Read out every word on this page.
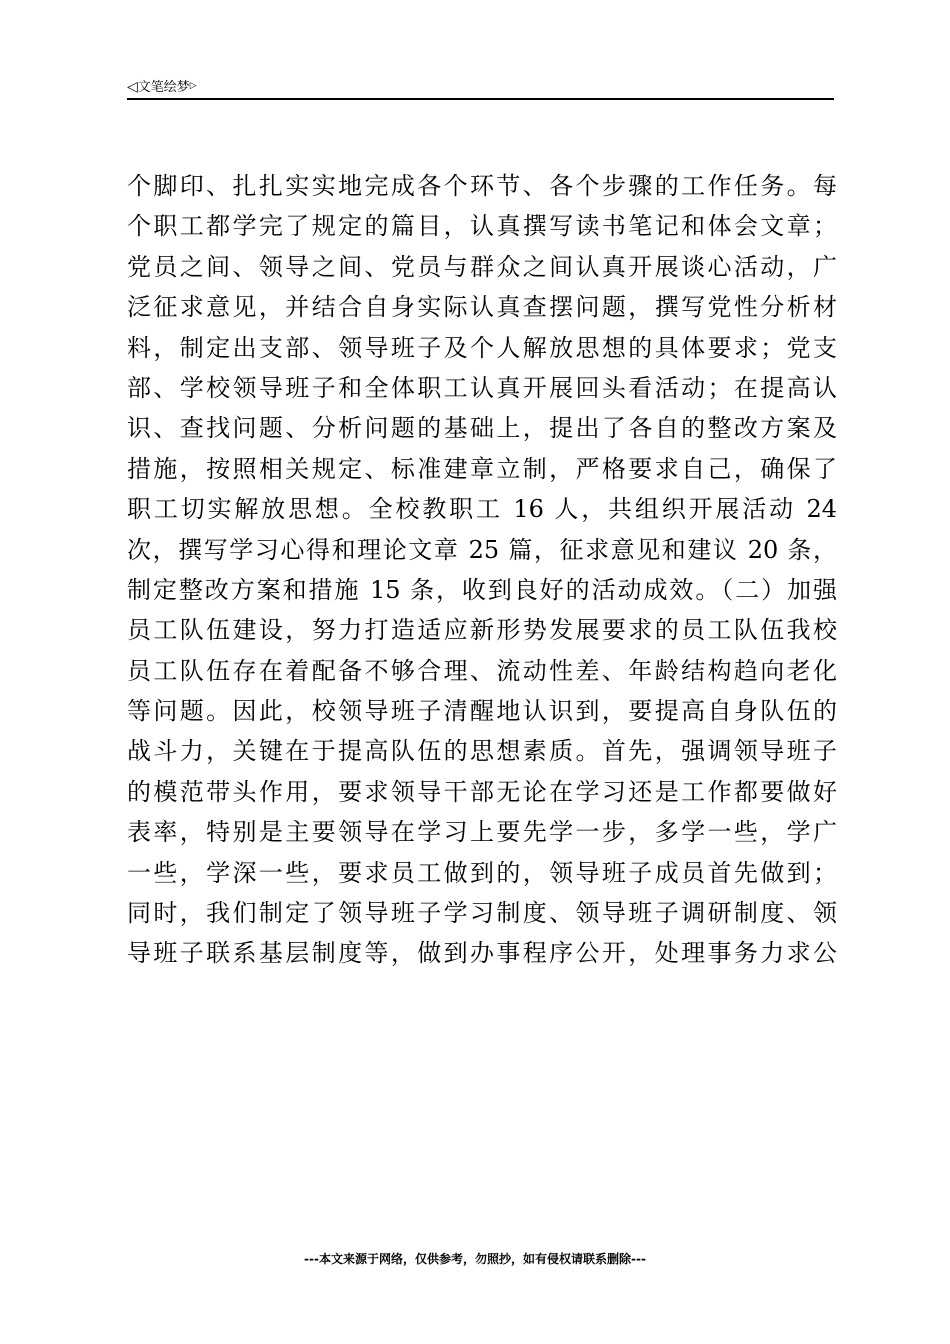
◁文笔绘梦▷
个脚印、扎扎实实地完成各个环节、各个步骤的工作任务。每
个职工都学完了规定的篇目，认真撰写读书笔记和体会文章；
党员之间、领导之间、党员与群众之间认真开展谈心活动，广
泛征求意见，并结合自身实际认真查摆问题，撰写党性分析材
料，制定出支部、领导班子及个人解放思想的具体要求；党支
部、学校领导班子和全体职工认真开展回头看活动；在提高认
识、查找问题、分析问题的基础上，提出了各自的整改方案及
措施，按照相关规定、标准建章立制，严格要求自己，确保了
职工切实解放思想。全校教职工 16 人，共组织开展活动 24
次，撰写学习心得和理论文章 25 篇，征求意见和建议 20 条，
制定整改方案和措施 15 条，收到良好的活动成效。（二）加强
员工队伍建设，努力打造适应新形势发展要求的员工队伍我校
员工队伍存在着配备不够合理、流动性差、年龄结构趋向老化
等问题。因此，校领导班子清醒地认识到，要提高自身队伍的
战斗力，关键在于提高队伍的思想素质。首先，强调领导班子
的模范带头作用，要求领导干部无论在学习还是工作都要做好
表率，特别是主要领导在学习上要先学一步，多学一些，学广
一些，学深一些，要求员工做到的，领导班子成员首先做到；
同时，我们制定了领导班子学习制度、领导班子调研制度、领
导班子联系基层制度等，做到办事程序公开，处理事务力求公
---本文来源于网络，仅供参考，勿照抄，如有侵权请联系删除---
